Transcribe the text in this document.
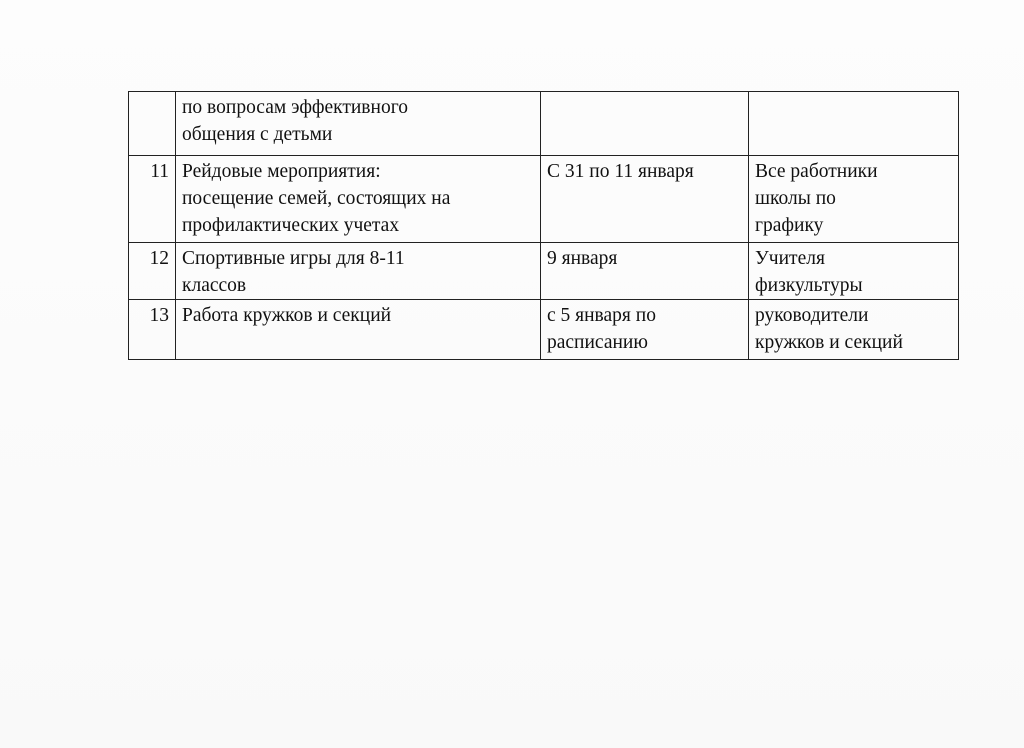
	по вопросам эффективного
общения с детьми		

11	Рейдовые мероприятия:
посещение семей, состоящих на
профилактических учетах	С 31 по 11 января	Все работники
школы по
графику

12	Спортивные игры для 8-11
классов	9 января	Учителя
физкультуры

13	Работа кружков и секций	с 5 января по
расписанию	руководители
кружков и секций
